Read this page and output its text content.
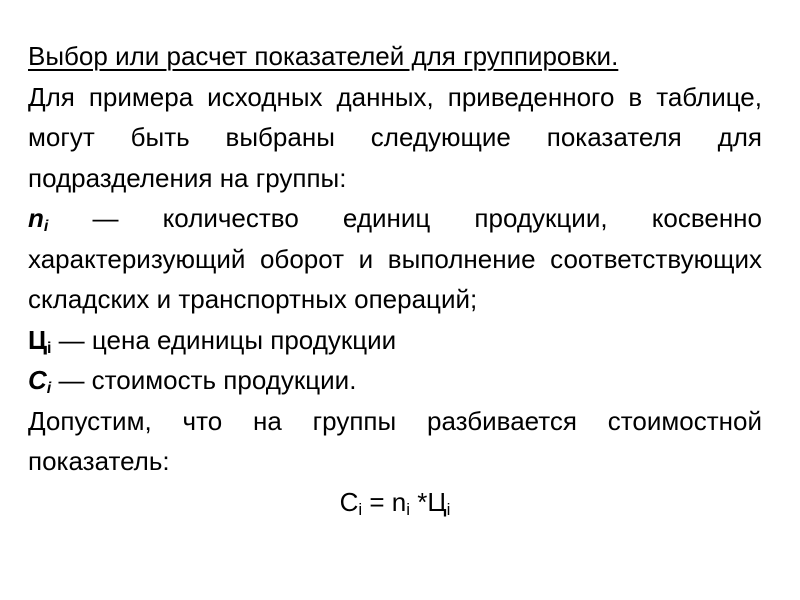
Выбор или расчет показателей для группировки.

Для примера исходных данных, приведенного в таблице, могут быть выбраны следующие показателя для подразделения на группы:

$n_i$ — количество единиц продукции, косвенно характеризующий оборот и выполнение соответствующих складских и транспортных операций;

$Ц_i$ — цена единицы продукции

$C_i$ — стоимость продукции.

Допустим, что на группы разбивается стоимостной показатель:

$C_i = n_i$ $*Ц_i$
